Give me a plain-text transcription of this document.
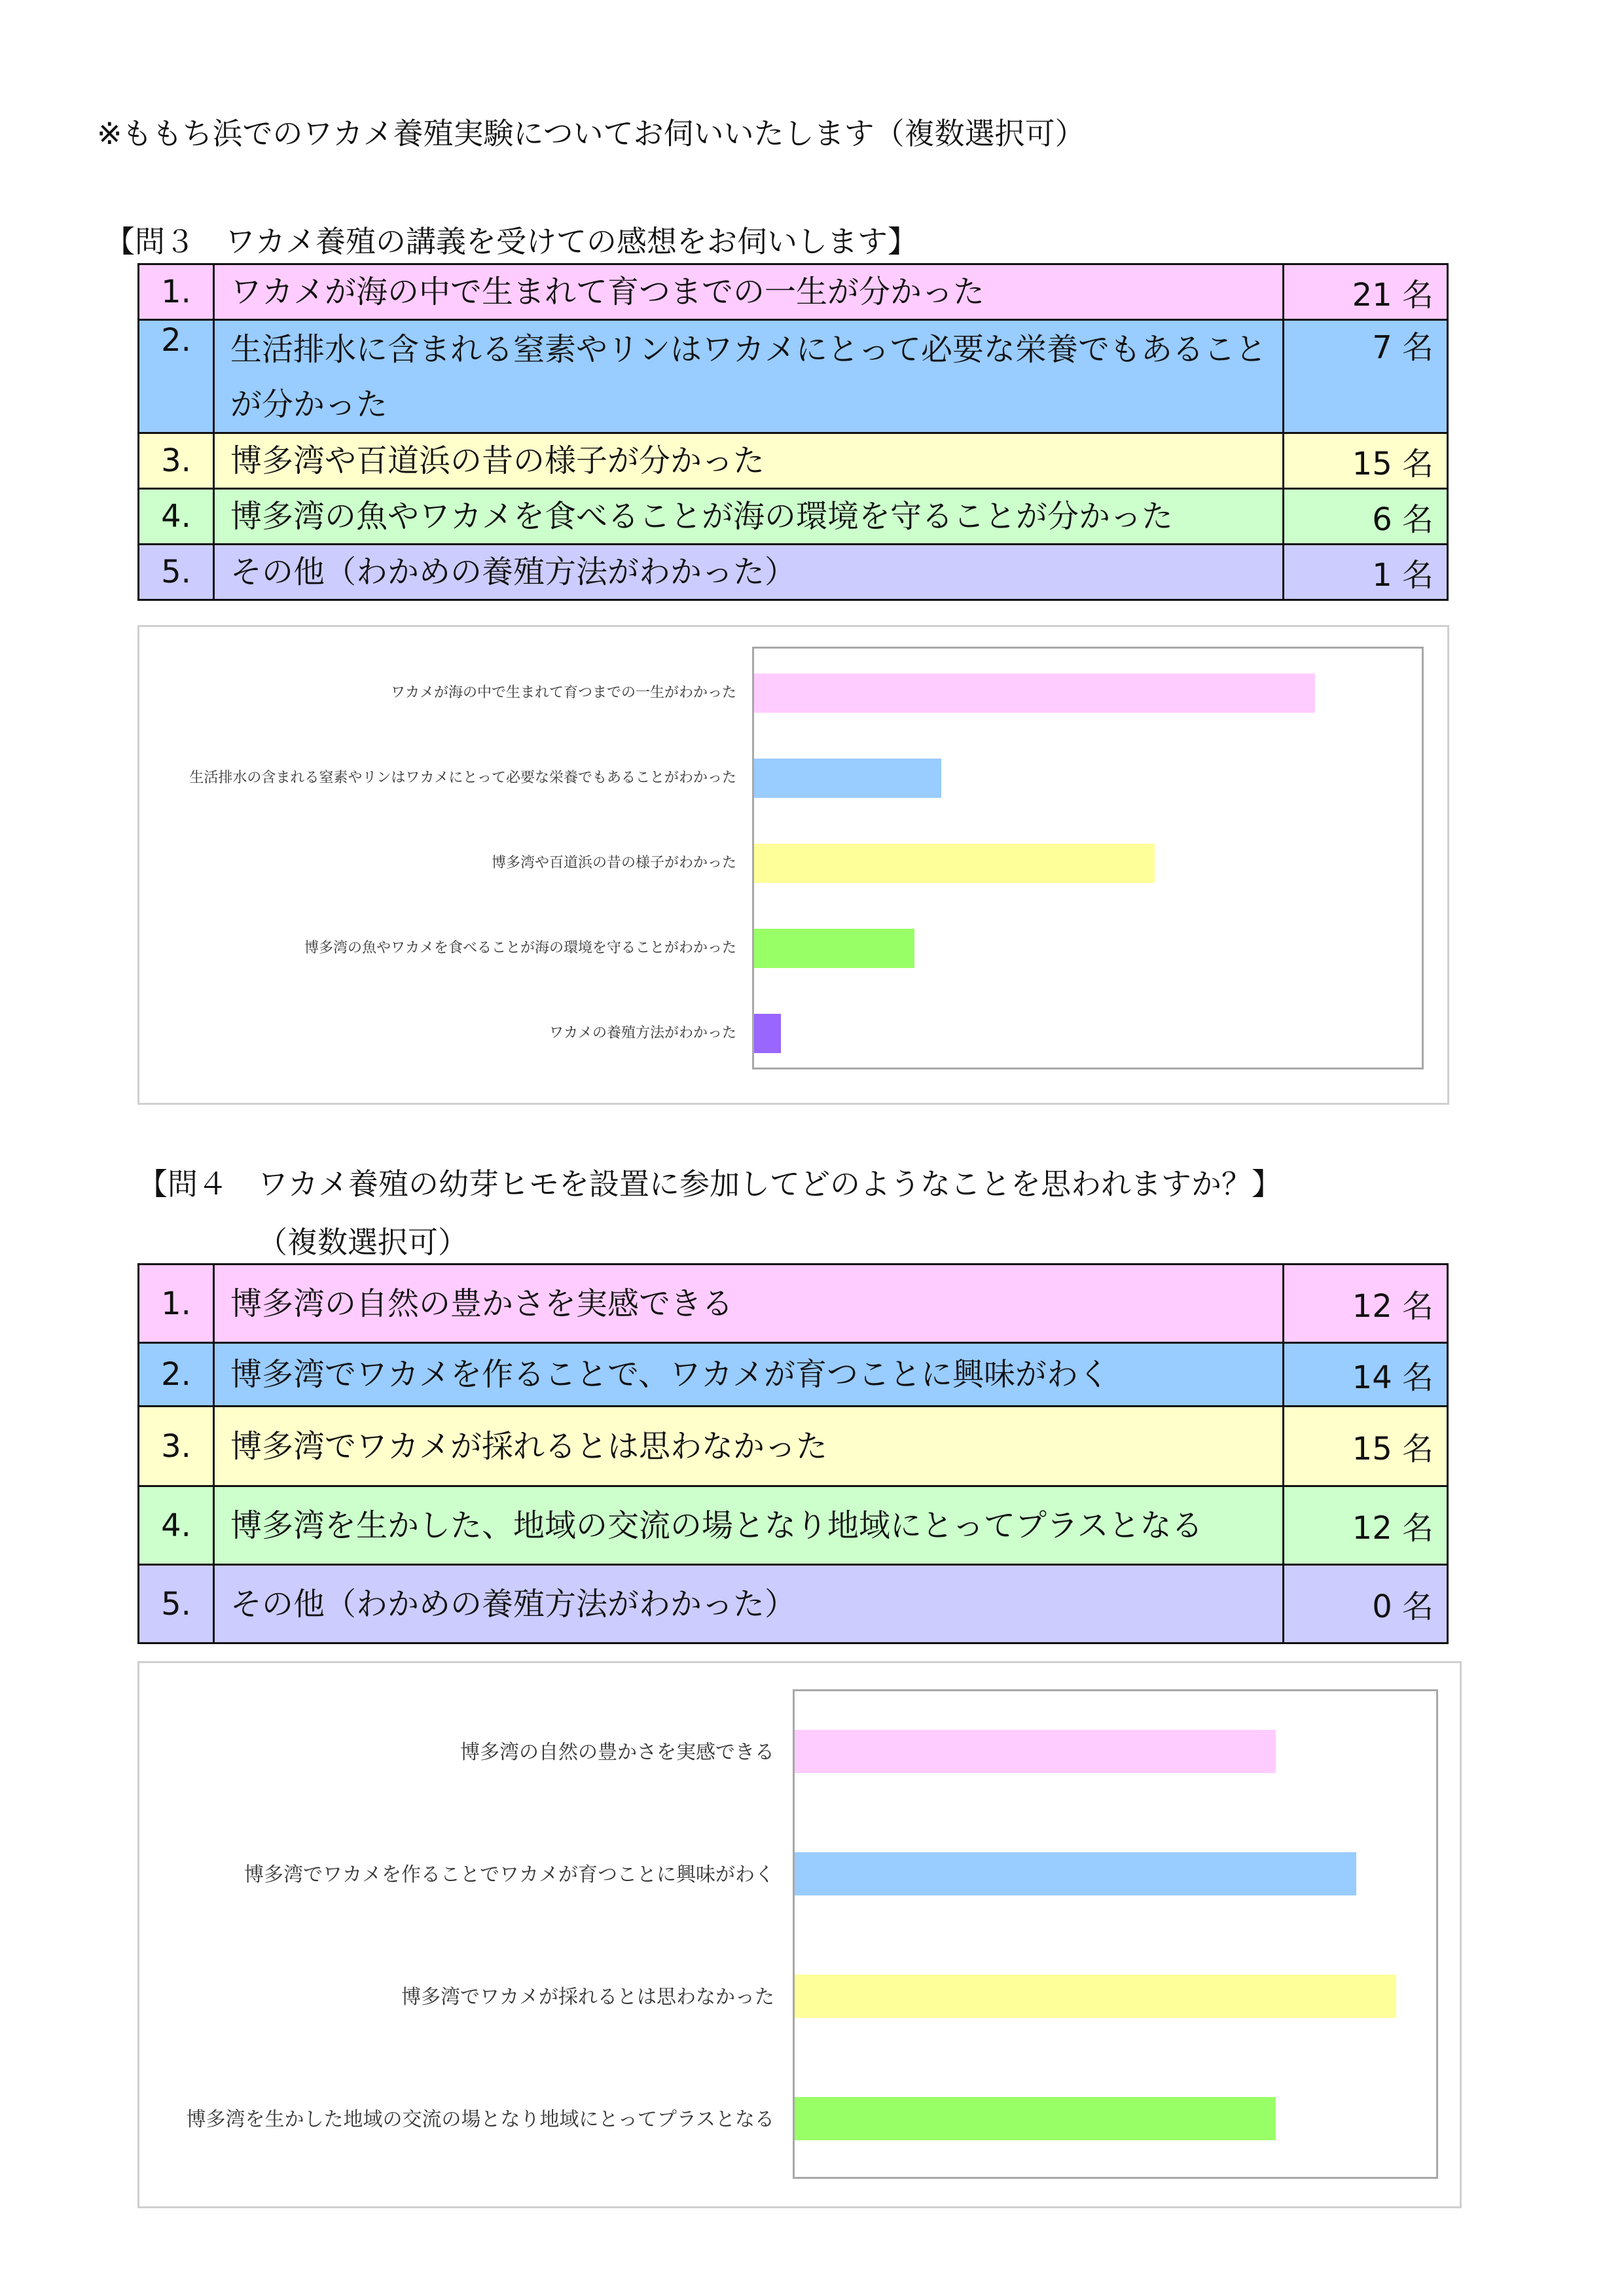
※ももち浜でのワカメ養殖実験についてお伺いいたします（複数選択可）
【問３　ワカメ養殖の講義を受けての感想をお伺いします】
1.	ワカメが海の中で生まれて育つまでの一生が分かった	21 名
2.	生活排水に含まれる窒素やリンはワカメにとって必要な栄養でもあることが分かった	7 名
3.	博多湾や百道浜の昔の様子が分かった	15 名
4.	博多湾の魚やワカメを食べることが海の環境を守ることが分かった	6 名
5.	その他（わかめの養殖方法がわかった）	1 名
ワカメが海の中で生まれて育つまでの一生がわかった
生活排水の含まれる窒素やリンはワカメにとって必要な栄養でもあることがわかった
博多湾や百道浜の昔の様子がわかった
博多湾の魚やワカメを食べることが海の環境を守ることがわかった
ワカメの養殖方法がわかった
【問４　ワカメ養殖の幼芽ヒモを設置に参加してどのようなことを思われますか？】
（複数選択可）
1.	博多湾の自然の豊かさを実感できる	12 名
2.	博多湾でワカメを作ることで、ワカメが育つことに興味がわく	14 名
3.	博多湾でワカメが採れるとは思わなかった	15 名
4.	博多湾を生かした、地域の交流の場となり地域にとってプラスとなる	12 名
5.	その他（わかめの養殖方法がわかった）	0 名
博多湾の自然の豊かさを実感できる
博多湾でワカメを作ることでワカメが育つことに興味がわく
博多湾でワカメが採れるとは思わなかった
博多湾を生かした地域の交流の場となり地域にとってプラスとなる
